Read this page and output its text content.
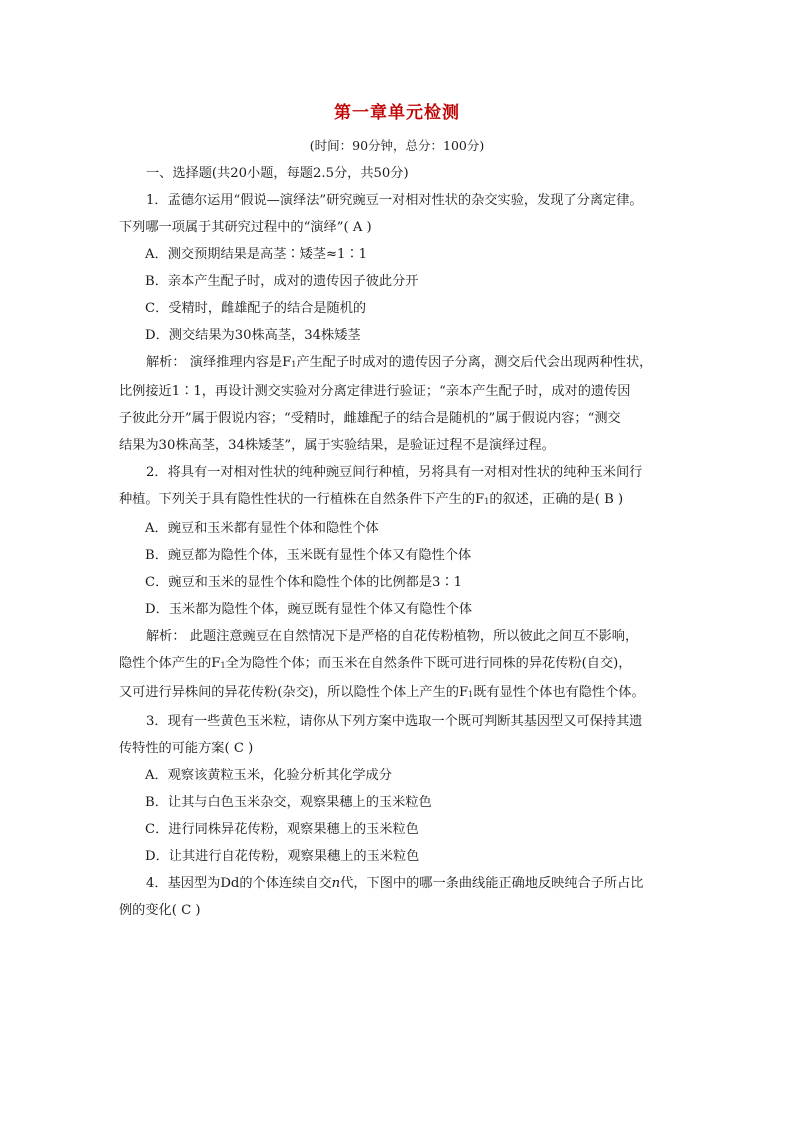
第一章单元检测
(时间：90分钟，总分：100分)
一、选择题(共20小题，每题2.5分，共50分)
1．孟德尔运用“假说—演绎法”研究豌豆一对相对性状的杂交实验，发现了分离定律。
下列哪一项属于其研究过程中的“演绎”( A )
A．测交预期结果是高茎∶矮茎≈1∶1
B．亲本产生配子时，成对的遗传因子彼此分开
C．受精时，雌雄配子的结合是随机的
D．测交结果为30株高茎，34株矮茎
解析： 演绎推理内容是$F_1$产生配子时成对的遗传因子分离，测交后代会出现两种性状，
比例接近1∶1，再设计测交实验对分离定律进行验证；“亲本产生配子时，成对的遗传因
子彼此分开”属于假说内容；“受精时，雌雄配子的结合是随机的”属于假说内容；“测交
结果为30株高茎，34株矮茎”，属于实验结果，是验证过程不是演绎过程。
2．将具有一对相对性状的纯种豌豆间行种植，另将具有一对相对性状的纯种玉米间行
种植。下列关于具有隐性性状的一行植株在自然条件下产生的$F_1$的叙述，正确的是( B )
A．豌豆和玉米都有显性个体和隐性个体
B．豌豆都为隐性个体，玉米既有显性个体又有隐性个体
C．豌豆和玉米的显性个体和隐性个体的比例都是3∶1
D．玉米都为隐性个体，豌豆既有显性个体又有隐性个体
解析： 此题注意豌豆在自然情况下是严格的自花传粉植物，所以彼此之间互不影响，
隐性个体产生的$F_1$全为隐性个体；而玉米在自然条件下既可进行同株的异花传粉(自交)，
又可进行异株间的异花传粉(杂交)，所以隐性个体上产生的$F_1$既有显性个体也有隐性个体。
3．现有一些黄色玉米粒，请你从下列方案中选取一个既可判断其基因型又可保持其遗
传特性的可能方案( C )
A．观察该黄粒玉米，化验分析其化学成分
B．让其与白色玉米杂交，观察果穗上的玉米粒色
C．进行同株异花传粉，观察果穗上的玉米粒色
D．让其进行自花传粉，观察果穗上的玉米粒色
4．基因型为Dd的个体连续自交n代，下图中的哪一条曲线能正确地反映纯合子所占比
例的变化( C )
